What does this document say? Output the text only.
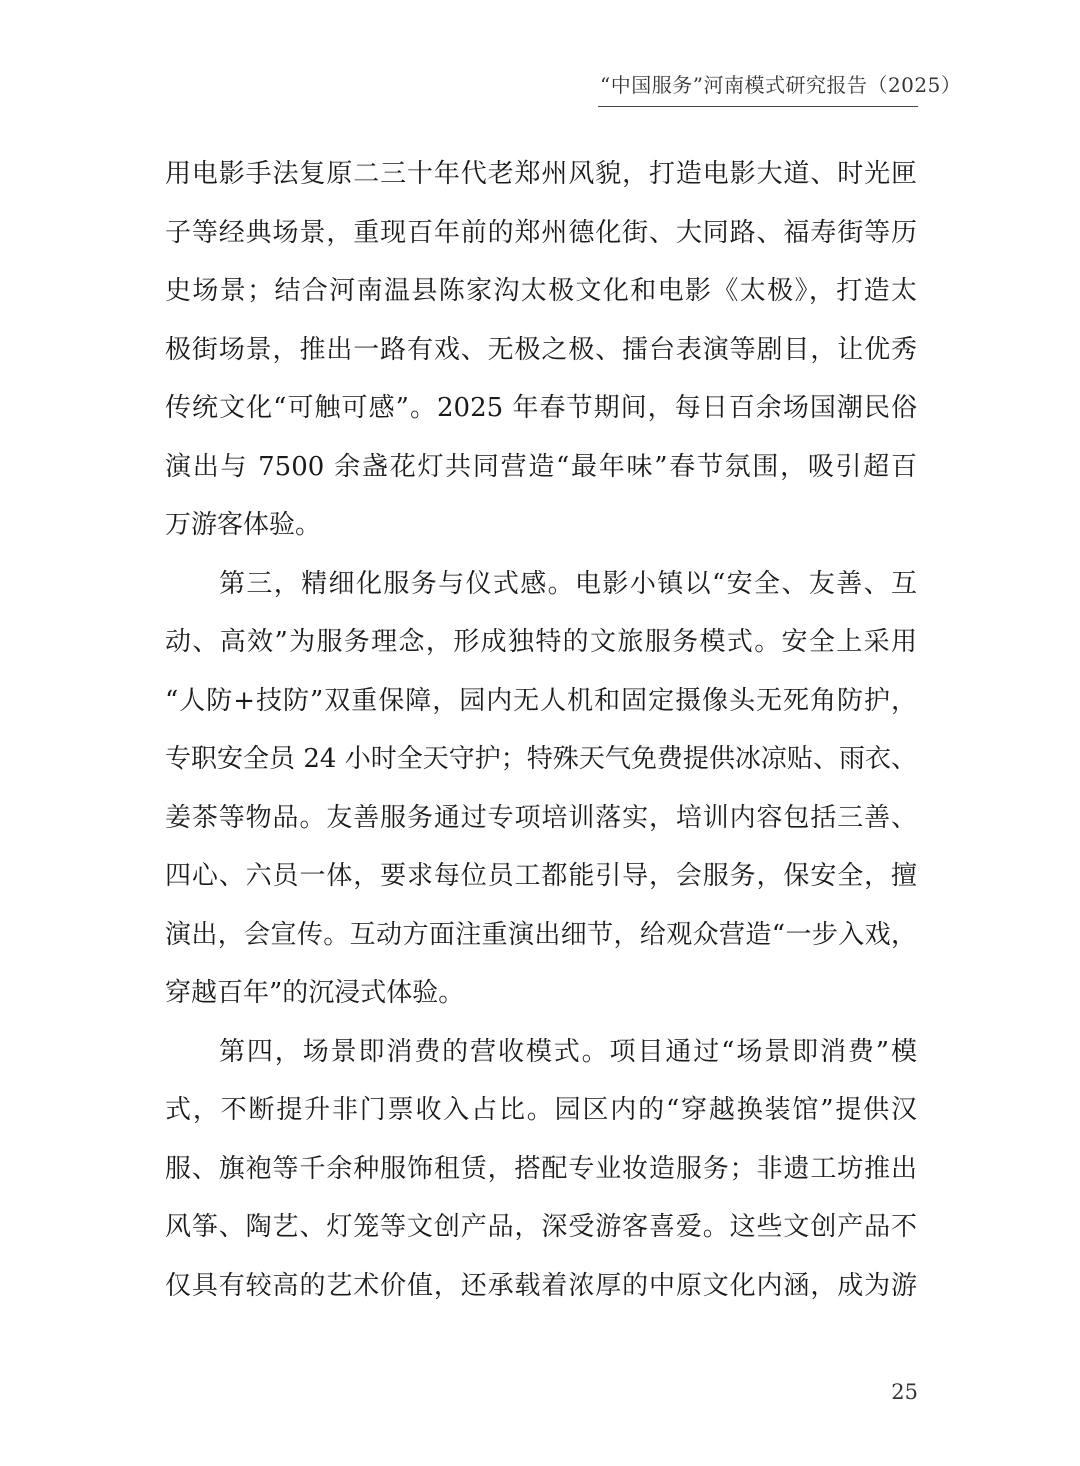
“中国服务”河南模式研究报告（2025）
用电影手法复原二三十年代老郑州风貌，打造电影大道、时光匣
子等经典场景，重现百年前的郑州德化街、大同路、福寿街等历
史场景；结合河南温县陈家沟太极文化和电影《太极》，打造太
极街场景，推出一路有戏、无极之极、擂台表演等剧目，让优秀
传统文化“可触可感”。2025 年春节期间，每日百余场国潮民俗
演出与 7500 余盏花灯共同营造“最年味”春节氛围，吸引超百
万游客体验。
第三，精细化服务与仪式感。电影小镇以“安全、友善、互
动、高效”为服务理念，形成独特的文旅服务模式。安全上采用
“人防+技防”双重保障，园内无人机和固定摄像头无死角防护，
专职安全员 24 小时全天守护；特殊天气免费提供冰凉贴、雨衣、
姜茶等物品。友善服务通过专项培训落实，培训内容包括三善、
四心、六员一体，要求每位员工都能引导，会服务，保安全，擅
演出，会宣传。互动方面注重演出细节，给观众营造“一步入戏，
穿越百年”的沉浸式体验。
第四，场景即消费的营收模式。项目通过“场景即消费”模
式，不断提升非门票收入占比。园区内的“穿越换装馆”提供汉
服、旗袍等千余种服饰租赁，搭配专业妆造服务；非遗工坊推出
风筝、陶艺、灯笼等文创产品，深受游客喜爱。这些文创产品不
仅具有较高的艺术价值，还承载着浓厚的中原文化内涵，成为游
25
